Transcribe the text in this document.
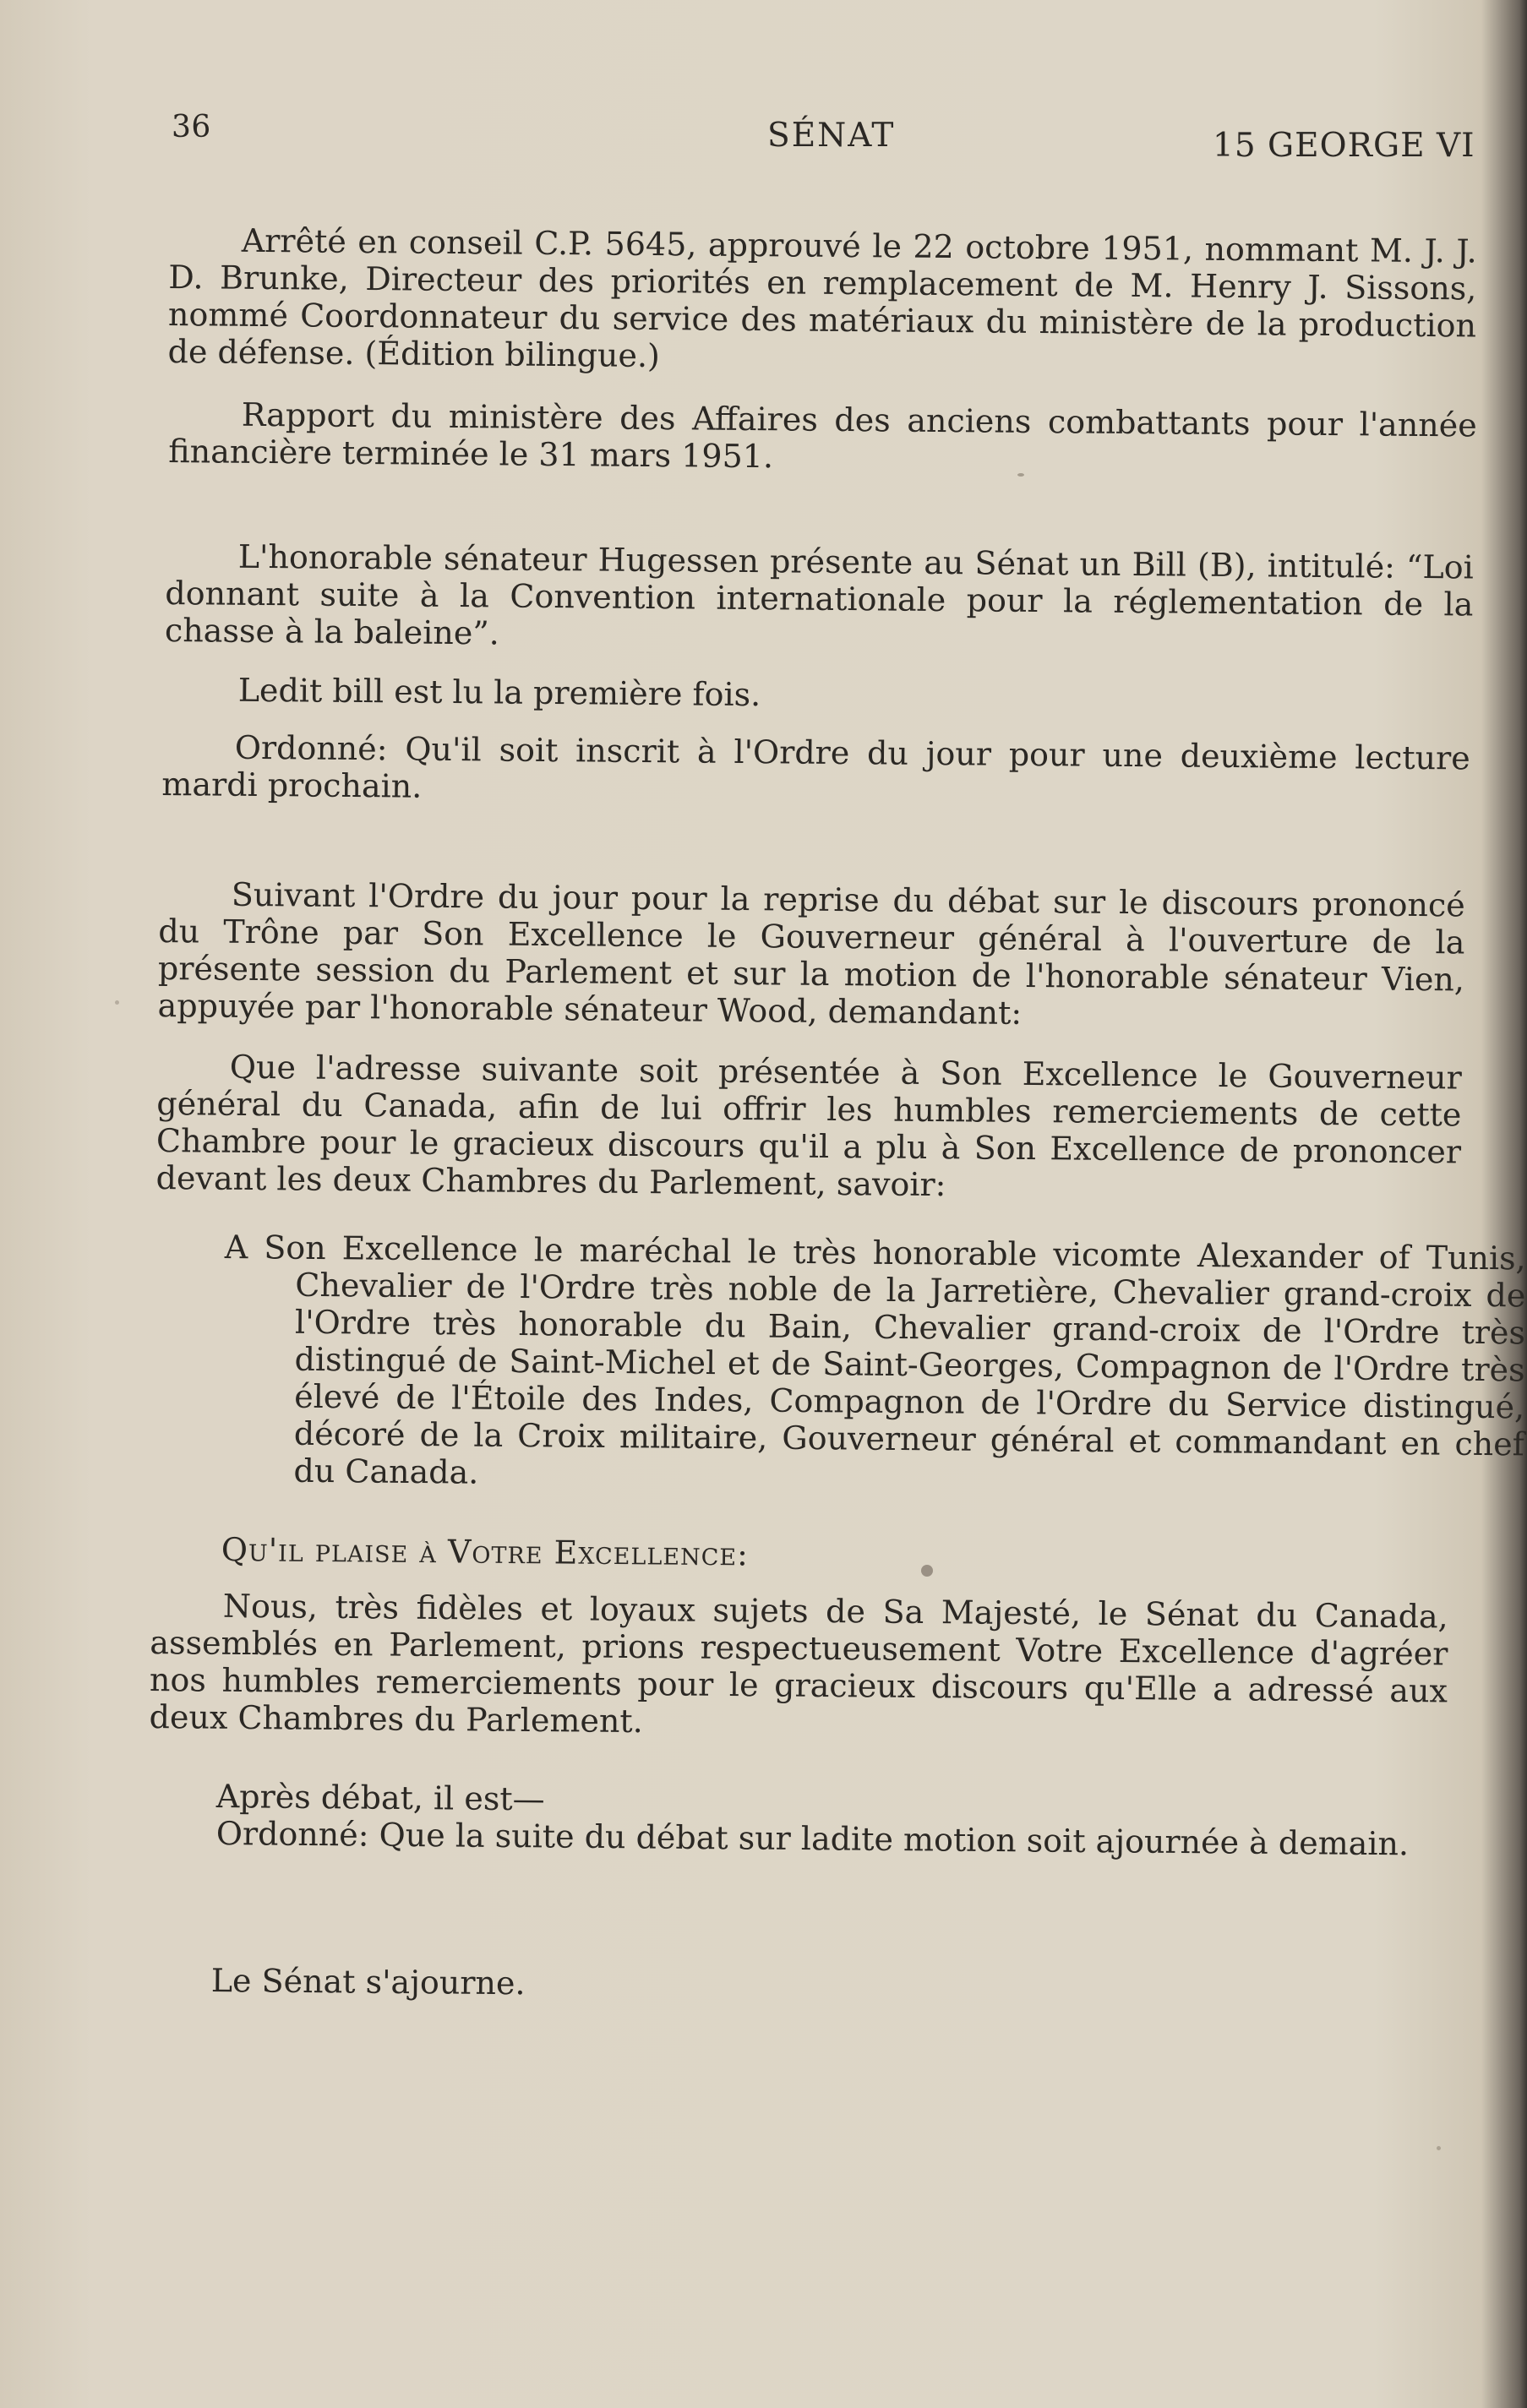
36	SÉNAT	15 GEORGE VI
Arrêté en conseil C.P. 5645, approuvé le 22 octobre 1951, nommant M. J. J. D. Brunke, Directeur des priorités en remplacement de M. Henry J. Sissons, nommé Coordonnateur du service des matériaux du ministère de la production de défense. (Édition bilingue.)
Rapport du ministère des Affaires des anciens combattants pour l'année financière terminée le 31 mars 1951.
L'honorable sénateur Hugessen présente au Sénat un Bill (B), intitulé: “Loi donnant suite à la Convention internationale pour la réglementation de la chasse à la baleine”.
Ledit bill est lu la première fois.
Ordonné: Qu'il soit inscrit à l'Ordre du jour pour une deuxième lecture mardi prochain.
Suivant l'Ordre du jour pour la reprise du débat sur le discours prononcé du Trône par Son Excellence le Gouverneur général à l'ouverture de la présente session du Parlement et sur la motion de l'honorable sénateur Vien, appuyée par l'honorable sénateur Wood, demandant:
Que l'adresse suivante soit présentée à Son Excellence le Gouverneur général du Canada, afin de lui offrir les humbles remerciements de cette Chambre pour le gracieux discours qu'il a plu à Son Excellence de prononcer devant les deux Chambres du Parlement, savoir:
A Son Excellence le maréchal le très honorable vicomte Alexander of Tunis, Chevalier de l'Ordre très noble de la Jarretière, Chevalier grand-croix de l'Ordre très honorable du Bain, Chevalier grand-croix de l'Ordre très distingué de Saint-Michel et de Saint-Georges, Compagnon de l'Ordre très élevé de l'Étoile des Indes, Compagnon de l'Ordre du Service distingué, décoré de la Croix militaire, Gouverneur général et commandant en chef du Canada.
Qu'il plaise à Votre Excellence:
Nous, très fidèles et loyaux sujets de Sa Majesté, le Sénat du Canada, assemblés en Parlement, prions respectueusement Votre Excellence d'agréer nos humbles remerciements pour le gracieux discours qu'Elle a adressé aux deux Chambres du Parlement.
Après débat, il est—
Ordonné: Que la suite du débat sur ladite motion soit ajournée à demain.
Le Sénat s'ajourne.
